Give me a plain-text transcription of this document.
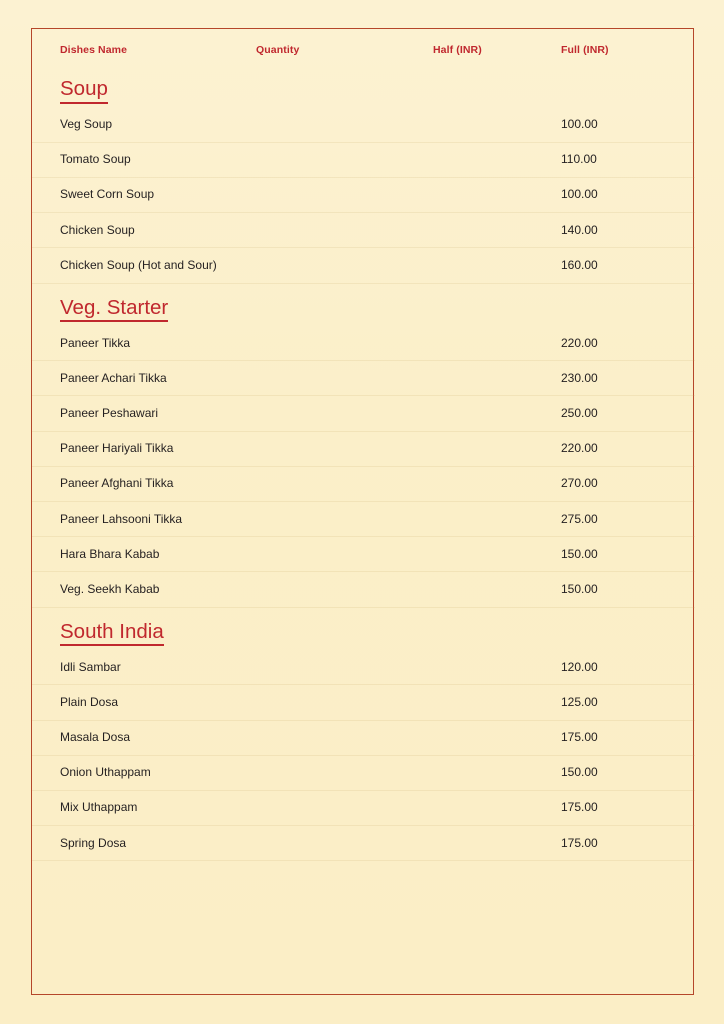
Dishes Name	Quantity	Half (INR)	Full (INR)
Soup			
Veg Soup			100.00
Tomato Soup			110.00
Sweet Corn Soup			100.00
Chicken Soup			140.00
Chicken Soup (Hot and Sour)			160.00
Veg. Starter			
Paneer Tikka			220.00
Paneer Achari Tikka			230.00
Paneer Peshawari			250.00
Paneer Hariyali Tikka			220.00
Paneer Afghani Tikka			270.00
Paneer Lahsooni Tikka			275.00
Hara Bhara Kabab			150.00
Veg. Seekh Kabab			150.00
South India			
Idli Sambar			120.00
Plain Dosa			125.00
Masala Dosa			175.00
Onion Uthappam			150.00
Mix Uthappam			175.00
Spring Dosa			175.00
